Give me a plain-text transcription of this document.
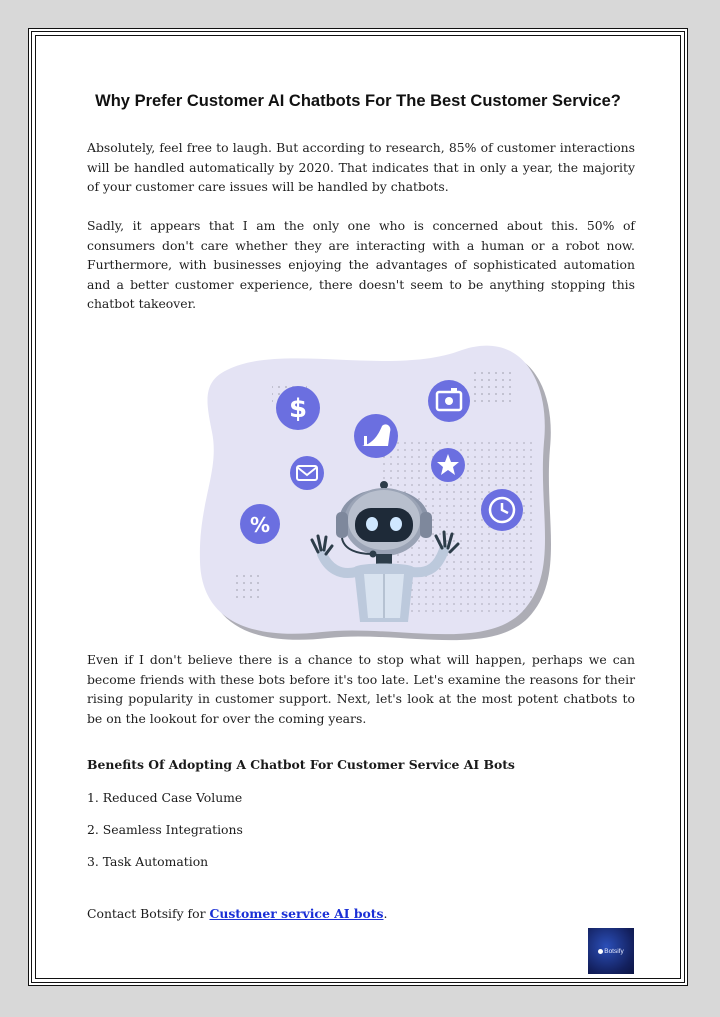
Why Prefer Customer AI Chatbots For The Best Customer Service?

Absolutely, feel free to laugh. But according to research, 85% of customer interactions will be handled automatically by 2020. That indicates that in only a year, the majority of your customer care issues will be handled by chatbots.

Sadly, it appears that I am the only one who is concerned about this. 50% of consumers don't care whether they are interacting with a human or a robot now. Furthermore, with businesses enjoying the advantages of sophisticated automation and a better customer experience, there doesn't seem to be anything stopping this chatbot takeover.

$
%

Even if I don't believe there is a chance to stop what will happen, perhaps we can become friends with these bots before it's too late. Let's examine the reasons for their rising popularity in customer support. Next, let's look at the most potent chatbots to be on the lookout for over the coming years.

Benefits Of Adopting A Chatbot For Customer Service AI Bots

1. Reduced Case Volume

2. Seamless Integrations

3. Task Automation

Contact Botsify for Customer service AI bots.

Botsify
